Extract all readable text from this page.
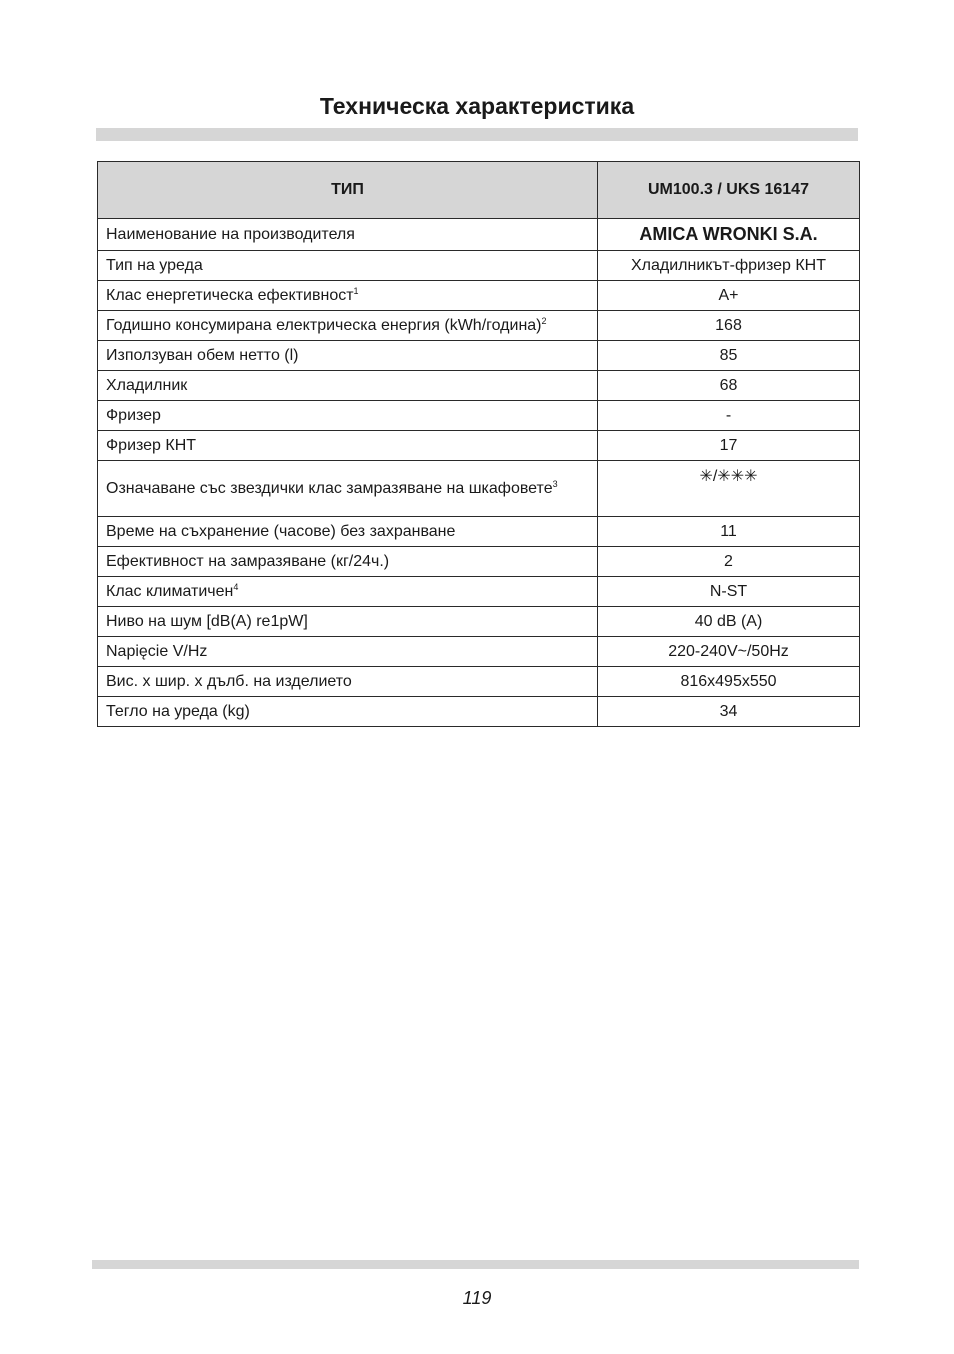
Техническа характеристика
ТИП	UM100.3 / UKS 16147
Наименование на производителя	AMICA WRONKI S.A.
Тип на уреда	Хладилникът-фризер КНТ
Клас енергетическа ефективност$^1$	A+
Годишно консумирана електрическа енергия (kWh/година)$^2$	168
Използуван обем нетто (l)	85
Хладилник	68
Фризер	-
Фризер КНТ	17
Означаване със звездички клас замразяване на шкафовете$^3$	✳/✳✳✳
Време на съхранение (часове) без захранване	11
Ефективност на замразяване (кг/24ч.)	2
Клас климатичен$^4$	N-ST
Ниво на шум [dB(A) re1pW]	40 dB (A)
Napięcie V/Hz	220-240V~/50Hz
Вис. х шир. х дълб. на изделието	816x495x550
Тегло на уреда (kg)	34
119
